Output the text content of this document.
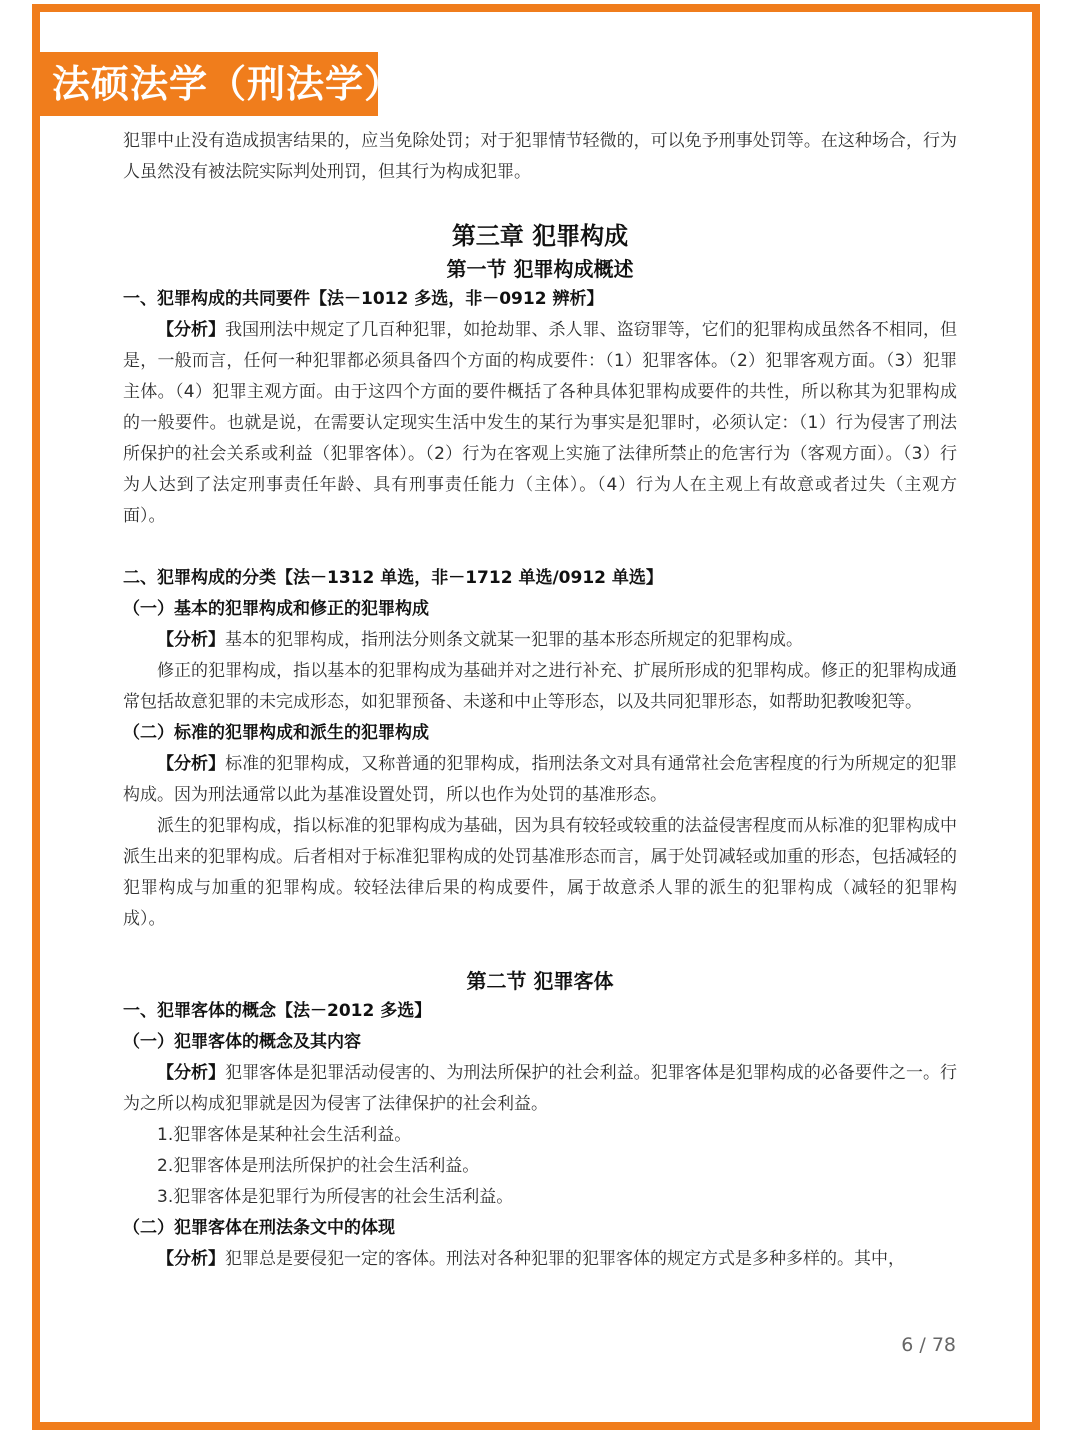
法硕法学（刑法学）

犯罪中止没有造成损害结果的，应当免除处罚；对于犯罪情节轻微的，可以免予刑事处罚等。在这种场合，行为人虽然没有被法院实际判处刑罚，但其行为构成犯罪。

第三章 犯罪构成

第一节 犯罪构成概述

一、犯罪构成的共同要件【法－1012 多选，非－0912 辨析】

【分析】我国刑法中规定了几百种犯罪，如抢劫罪、杀人罪、盗窃罪等，它们的犯罪构成虽然各不相同，但是，一般而言，任何一种犯罪都必须具备四个方面的构成要件：（1）犯罪客体。（2）犯罪客观方面。（3）犯罪主体。（4）犯罪主观方面。由于这四个方面的要件概括了各种具体犯罪构成要件的共性，所以称其为犯罪构成的一般要件。也就是说，在需要认定现实生活中发生的某行为事实是犯罪时，必须认定：（1）行为侵害了刑法所保护的社会关系或利益（犯罪客体）。（2）行为在客观上实施了法律所禁止的危害行为（客观方面）。（3）行为人达到了法定刑事责任年龄、具有刑事责任能力（主体）。（4）行为人在主观上有故意或者过失（主观方面）。

二、犯罪构成的分类【法－1312 单选，非－1712 单选/0912 单选】

（一）基本的犯罪构成和修正的犯罪构成

【分析】基本的犯罪构成，指刑法分则条文就某一犯罪的基本形态所规定的犯罪构成。

修正的犯罪构成，指以基本的犯罪构成为基础并对之进行补充、扩展所形成的犯罪构成。修正的犯罪构成通常包括故意犯罪的未完成形态，如犯罪预备、未遂和中止等形态，以及共同犯罪形态，如帮助犯教唆犯等。

（二）标准的犯罪构成和派生的犯罪构成

【分析】标准的犯罪构成，又称普通的犯罪构成，指刑法条文对具有通常社会危害程度的行为所规定的犯罪构成。因为刑法通常以此为基准设置处罚，所以也作为处罚的基准形态。

派生的犯罪构成，指以标准的犯罪构成为基础，因为具有较轻或较重的法益侵害程度而从标准的犯罪构成中派生出来的犯罪构成。后者相对于标准犯罪构成的处罚基准形态而言，属于处罚减轻或加重的形态，包括减轻的犯罪构成与加重的犯罪构成。较轻法律后果的构成要件，属于故意杀人罪的派生的犯罪构成（减轻的犯罪构成）。

第二节 犯罪客体

一、犯罪客体的概念【法－2012 多选】

（一）犯罪客体的概念及其内容

【分析】犯罪客体是犯罪活动侵害的、为刑法所保护的社会利益。犯罪客体是犯罪构成的必备要件之一。行为之所以构成犯罪就是因为侵害了法律保护的社会利益。

1.犯罪客体是某种社会生活利益。

2.犯罪客体是刑法所保护的社会生活利益。

3.犯罪客体是犯罪行为所侵害的社会生活利益。

（二）犯罪客体在刑法条文中的体现

【分析】犯罪总是要侵犯一定的客体。刑法对各种犯罪的犯罪客体的规定方式是多种多样的。其中，

6 / 78
